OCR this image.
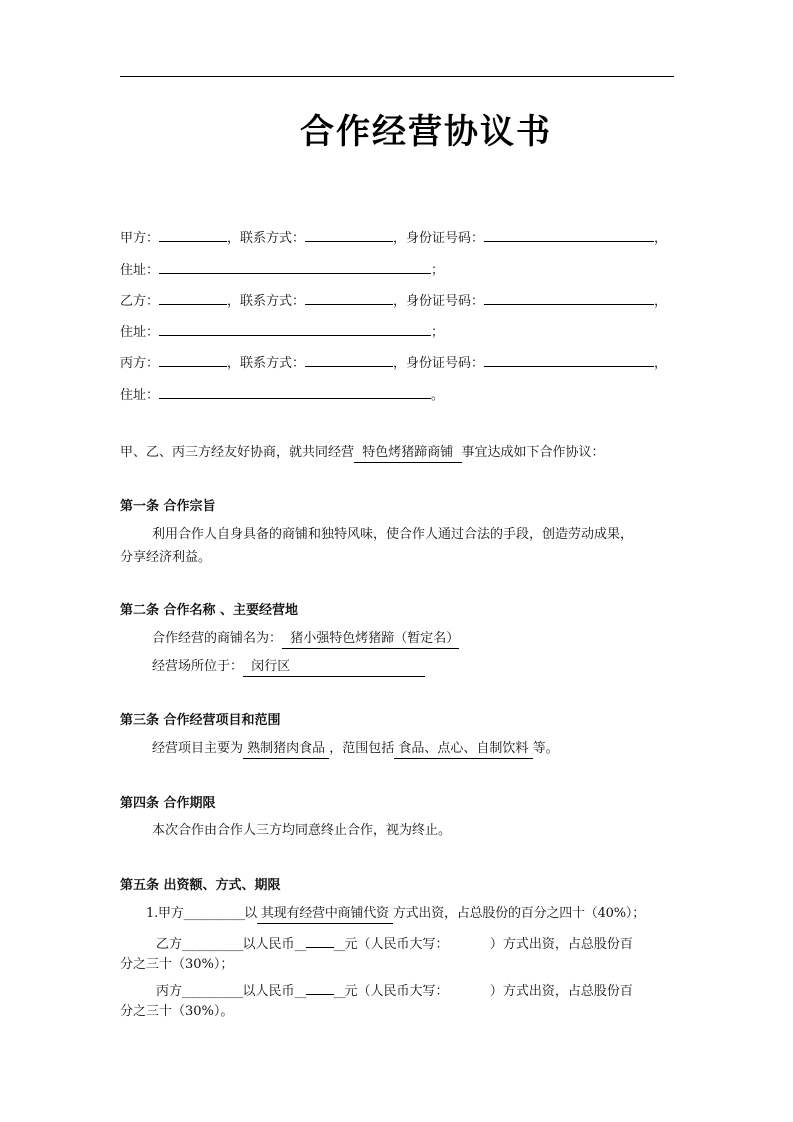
合作经营协议书
甲方：	，联系方式：	，身份证号码：	，
住址：	；
乙方：	，联系方式：	，身份证号码：	，
住址：	；
丙方：	，联系方式：	，身份证号码：	，
住址：	。
甲、乙、丙三方经友好协商，就共同经营  特色烤猪蹄商铺  事宜达成如下合作协议：
第一条 合作宗旨
利用合作人自身具备的商铺和独特风味，使合作人通过合法的手段，创造劳动成果，
分享经济利益。
第二条 合作名称 、主要经营地
合作经营的商铺名为：  猪小强特色烤猪蹄（暂定名）
经营场所位于：  闵行区
第三条 合作经营项目和范围
经营项目主要为 熟制猪肉食品 ，范围包括 食品、点心、自制饮料 等。
第四条 合作期限
本次合作由合作人三方均同意终止合作，视为终止。
第五条 出资额、方式、期限
1.甲方___________以 其现有经营中商铺代资 方式出资，占总股份的百分之四十（40%）；
乙方___________以人民币__ __元（人民币大写：          ）方式出资，占总股份百
分之三十（30%）；
丙方___________以人民币__ __元（人民币大写：          ）方式出资，占总股份百
分之三十（30%）。
